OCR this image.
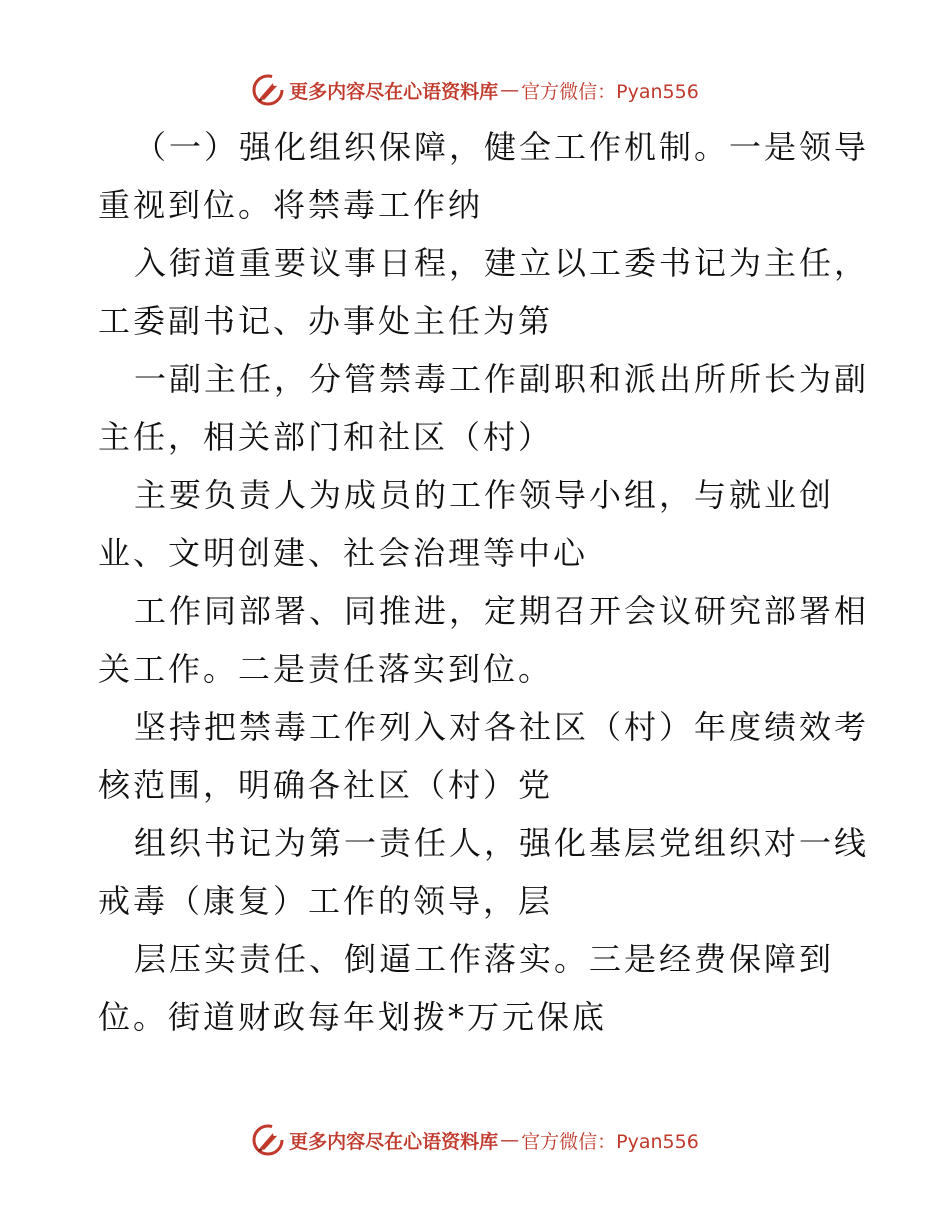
更多内容尽在心语资料库 — 官方微信：Pyan556
（一）强化组织保障，健全工作机制。一是领导
重视到位。将禁毒工作纳
入街道重要议事日程，建立以工委书记为主任，
工委副书记、办事处主任为第
一副主任，分管禁毒工作副职和派出所所长为副
主任，相关部门和社区（村）
主要负责人为成员的工作领导小组，与就业创
业、文明创建、社会治理等中心
工作同部署、同推进，定期召开会议研究部署相
关工作。二是责任落实到位。
坚持把禁毒工作列入对各社区（村）年度绩效考
核范围，明确各社区（村）党
组织书记为第一责任人，强化基层党组织对一线
戒毒（康复）工作的领导，层
层压实责任、倒逼工作落实。三是经费保障到
位。街道财政每年划拨*万元保底
更多内容尽在心语资料库 — 官方微信：Pyan556
